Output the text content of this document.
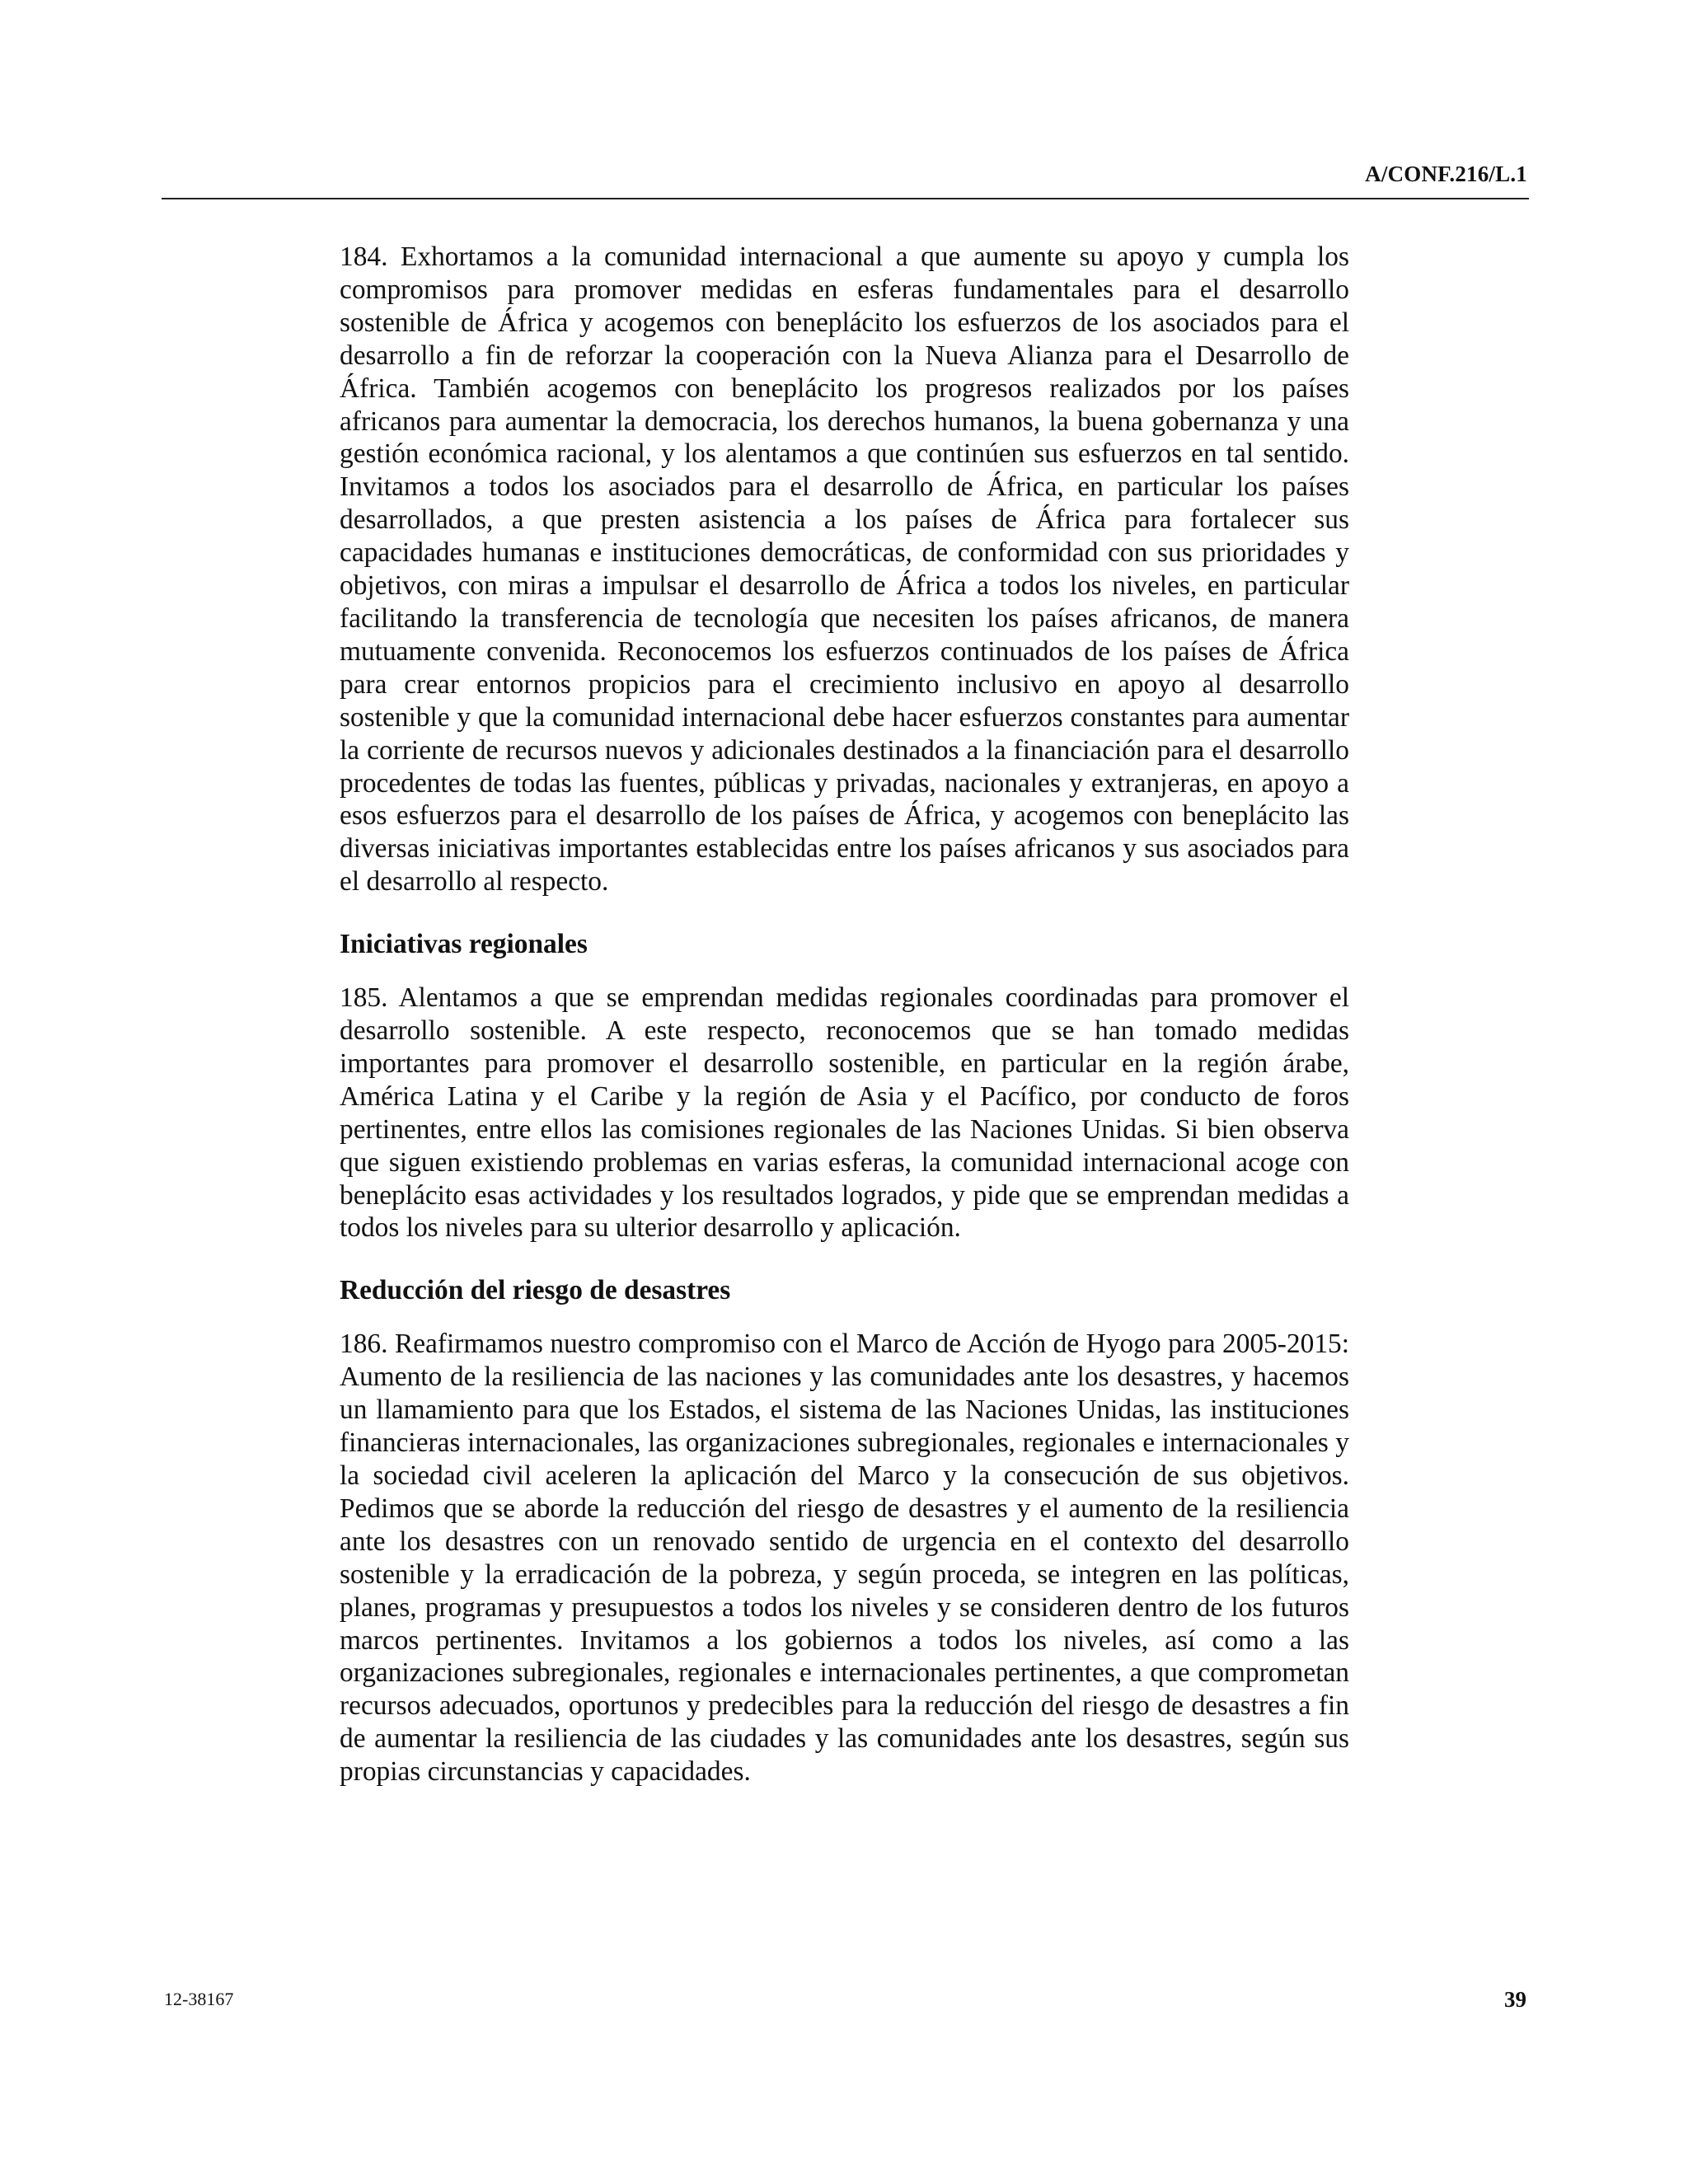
A/CONF.216/L.1

184. Exhortamos a la comunidad internacional a que aumente su apoyo y cumpla los compromisos para promover medidas en esferas fundamentales para el desarrollo sostenible de África y acogemos con beneplácito los esfuerzos de los asociados para el desarrollo a fin de reforzar la cooperación con la Nueva Alianza para el Desarrollo de África. También acogemos con beneplácito los progresos realizados por los países africanos para aumentar la democracia, los derechos humanos, la buena gobernanza y una gestión económica racional, y los alentamos a que continúen sus esfuerzos en tal sentido. Invitamos a todos los asociados para el desarrollo de África, en particular los países desarrollados, a que presten asistencia a los países de África para fortalecer sus capacidades humanas e instituciones democráticas, de conformidad con sus prioridades y objetivos, con miras a impulsar el desarrollo de África a todos los niveles, en particular facilitando la transferencia de tecnología que necesiten los países africanos, de manera mutuamente convenida. Reconocemos los esfuerzos continuados de los países de África para crear entornos propicios para el crecimiento inclusivo en apoyo al desarrollo sostenible y que la comunidad internacional debe hacer esfuerzos constantes para aumentar la corriente de recursos nuevos y adicionales destinados a la financiación para el desarrollo procedentes de todas las fuentes, públicas y privadas, nacionales y extranjeras, en apoyo a esos esfuerzos para el desarrollo de los países de África, y acogemos con beneplácito las diversas iniciativas importantes establecidas entre los países africanos y sus asociados para el desarrollo al respecto.

Iniciativas regionales

185. Alentamos a que se emprendan medidas regionales coordinadas para promover el desarrollo sostenible. A este respecto, reconocemos que se han tomado medidas importantes para promover el desarrollo sostenible, en particular en la región árabe, América Latina y el Caribe y la región de Asia y el Pacífico, por conducto de foros pertinentes, entre ellos las comisiones regionales de las Naciones Unidas. Si bien observa que siguen existiendo problemas en varias esferas, la comunidad internacional acoge con beneplácito esas actividades y los resultados logrados, y pide que se emprendan medidas a todos los niveles para su ulterior desarrollo y aplicación.

Reducción del riesgo de desastres

186. Reafirmamos nuestro compromiso con el Marco de Acción de Hyogo para 2005-2015: Aumento de la resiliencia de las naciones y las comunidades ante los desastres, y hacemos un llamamiento para que los Estados, el sistema de las Naciones Unidas, las instituciones financieras internacionales, las organizaciones subregionales, regionales e internacionales y la sociedad civil aceleren la aplicación del Marco y la consecución de sus objetivos. Pedimos que se aborde la reducción del riesgo de desastres y el aumento de la resiliencia ante los desastres con un renovado sentido de urgencia en el contexto del desarrollo sostenible y la erradicación de la pobreza, y según proceda, se integren en las políticas, planes, programas y presupuestos a todos los niveles y se consideren dentro de los futuros marcos pertinentes. Invitamos a los gobiernos a todos los niveles, así como a las organizaciones subregionales, regionales e internacionales pertinentes, a que comprometan recursos adecuados, oportunos y predecibles para la reducción del riesgo de desastres a fin de aumentar la resiliencia de las ciudades y las comunidades ante los desastres, según sus propias circunstancias y capacidades.

12-38167	39
